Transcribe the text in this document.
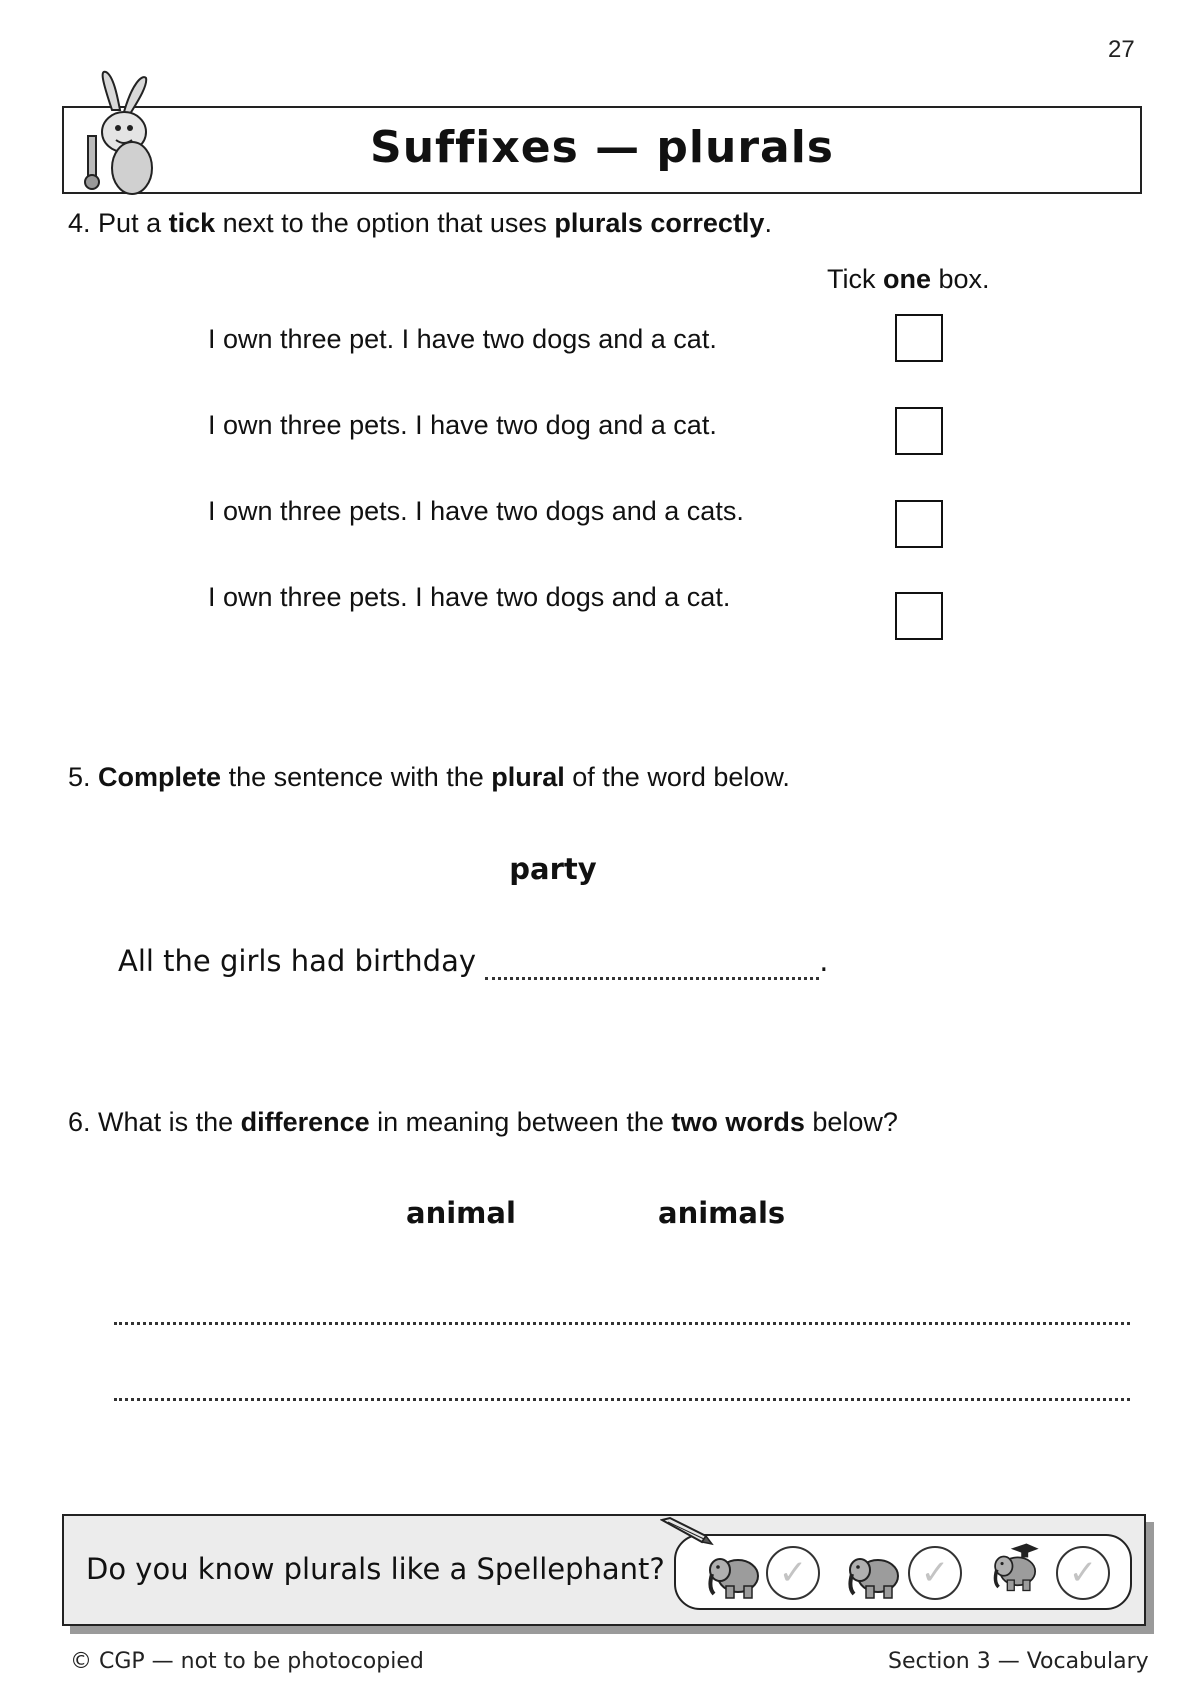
27
Suffixes — plurals
4. Put a tick next to the option that uses plurals correctly.
Tick one box.
I own three pet. I have two dogs and a cat.
I own three pets. I have two dog and a cat.
I own three pets. I have two dogs and a cats.
I own three pets. I have two dogs and a cat.
5. Complete the sentence with the plural of the word below.
party
All the girls had birthday	.
6. What is the difference in meaning between the two words below?
animal	animals
Do you know plurals like a Spellephant?	✓	✓	✓
© CGP — not to be photocopied	Section 3 — Vocabulary
